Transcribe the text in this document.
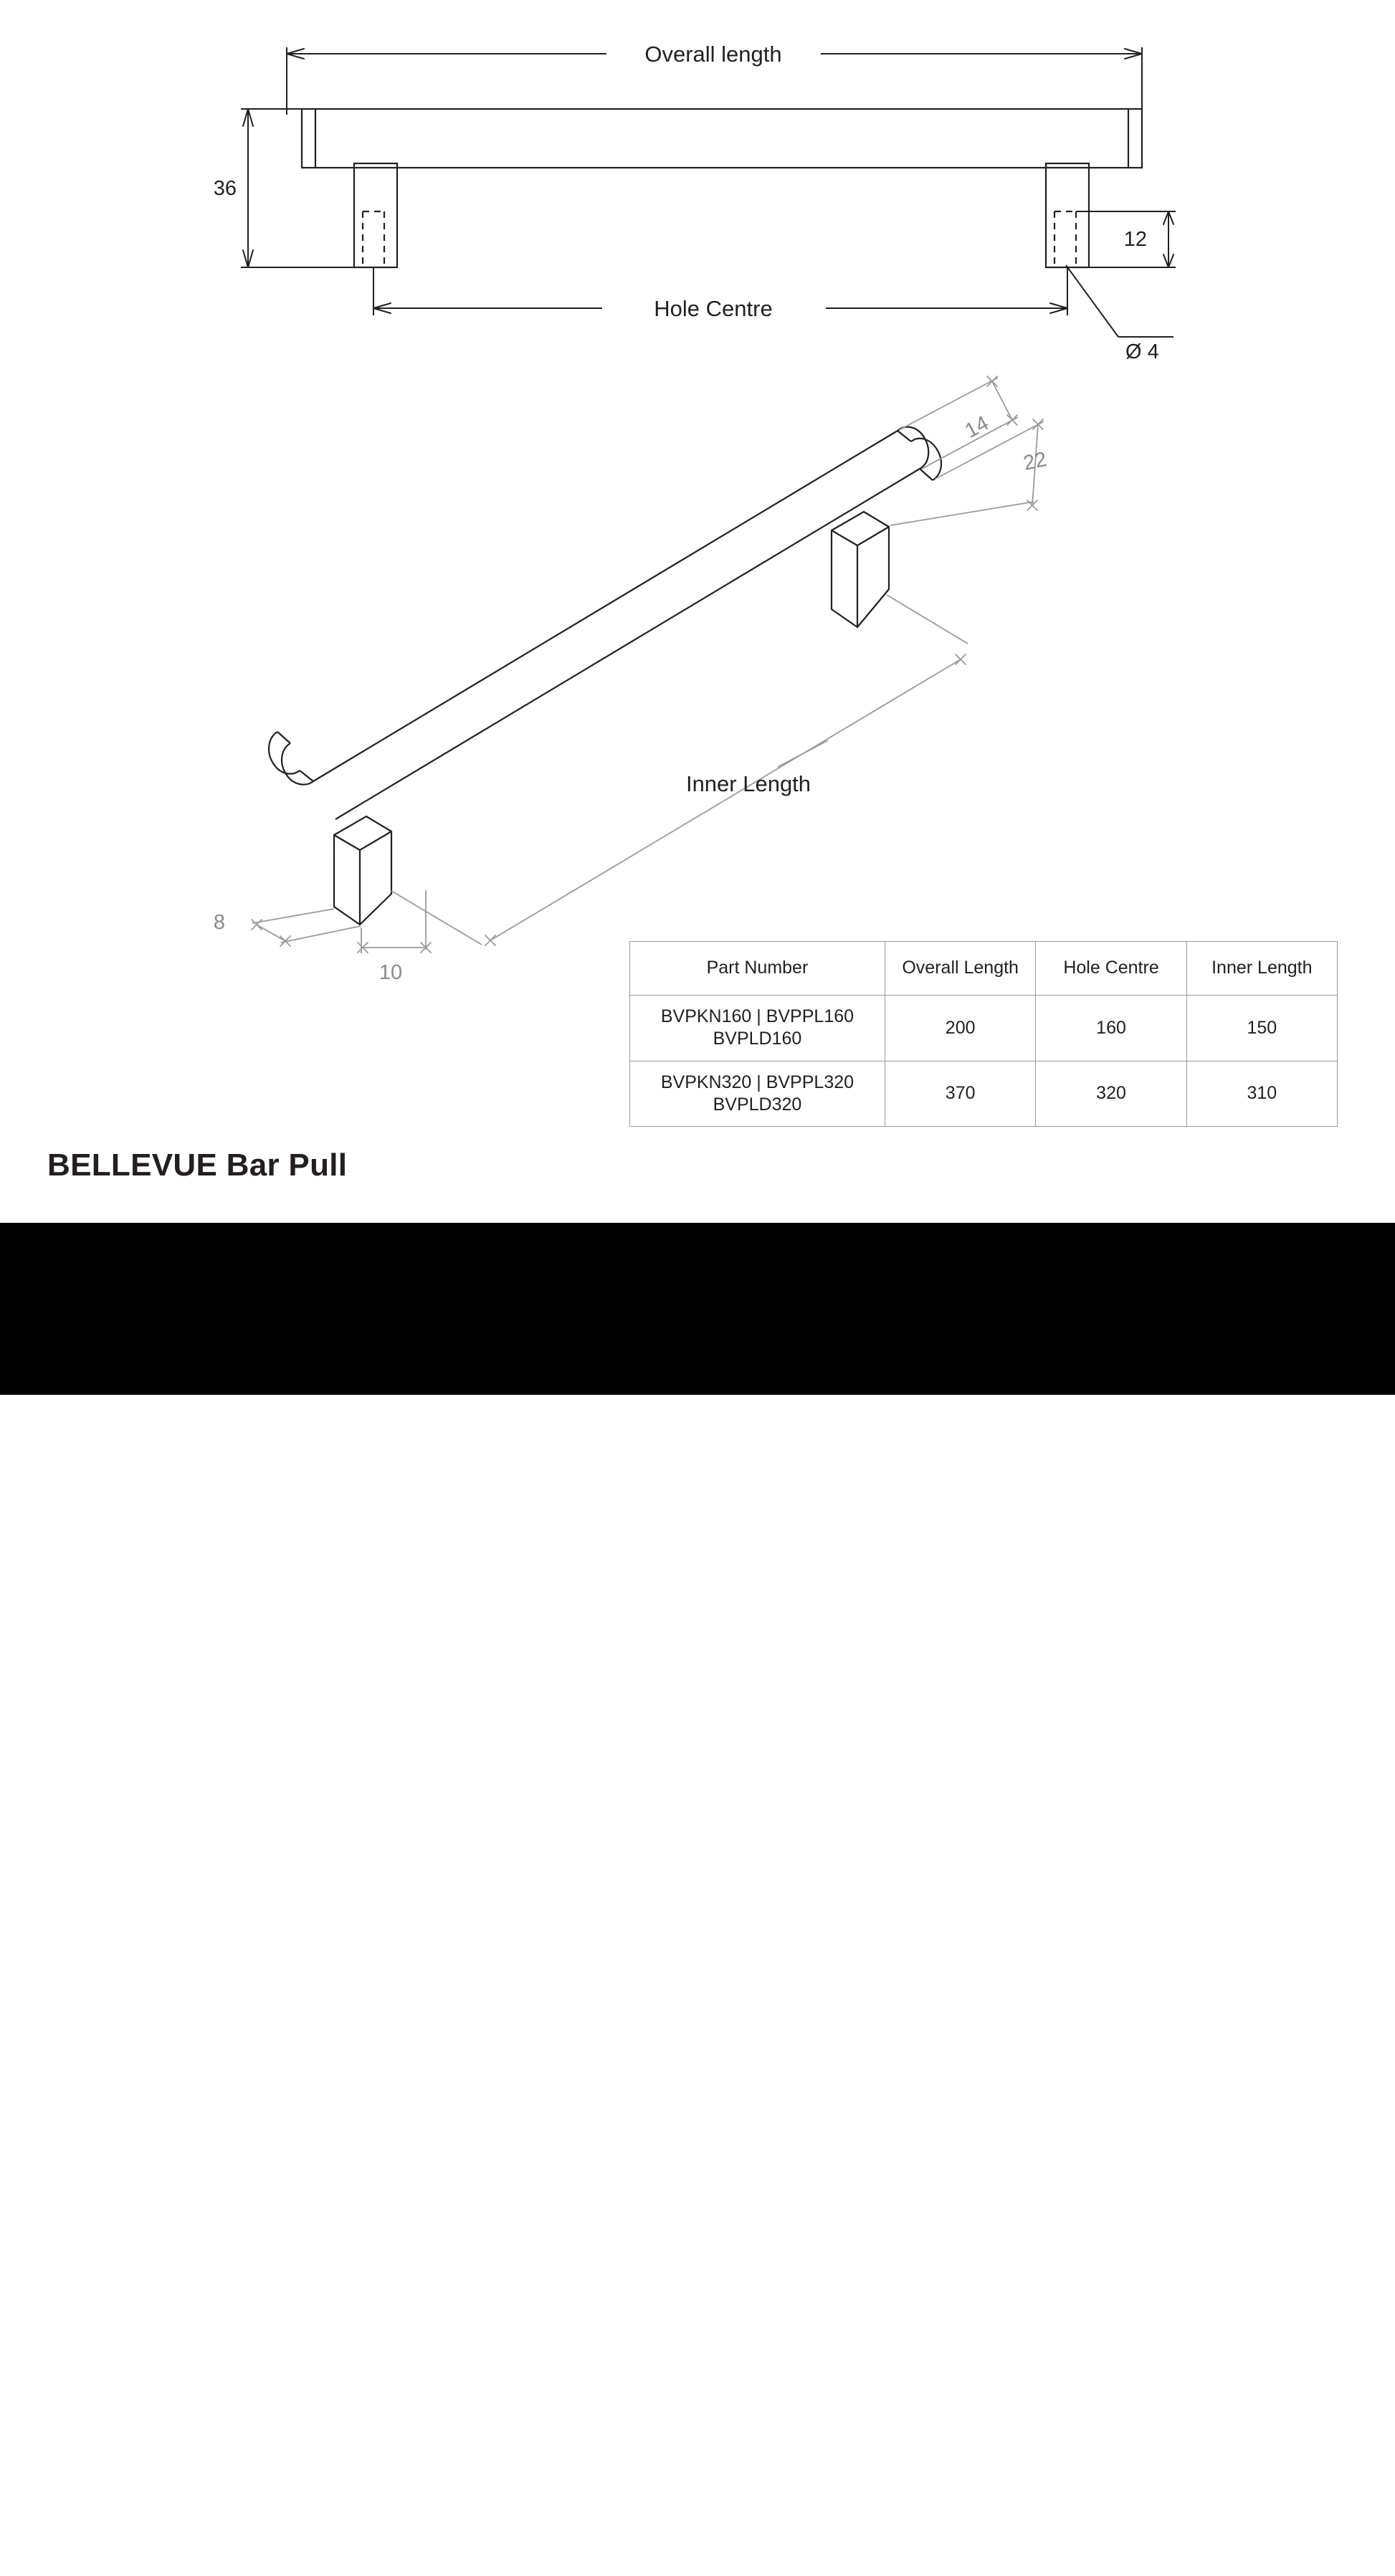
Overall length
36
Hole Centre
12
Ø 4
14
22
Inner Length
8
10	Part Number	Overall Length	Hole Centre	Inner Length

BVPKN160 | BVPPL160
BVPLD160	200	160	150

BVPKN320 | BVPPL320
BVPLD320	370	320	310
BELLEVUE Bar Pull
BUILDMAT	MOMO
HANDLES
